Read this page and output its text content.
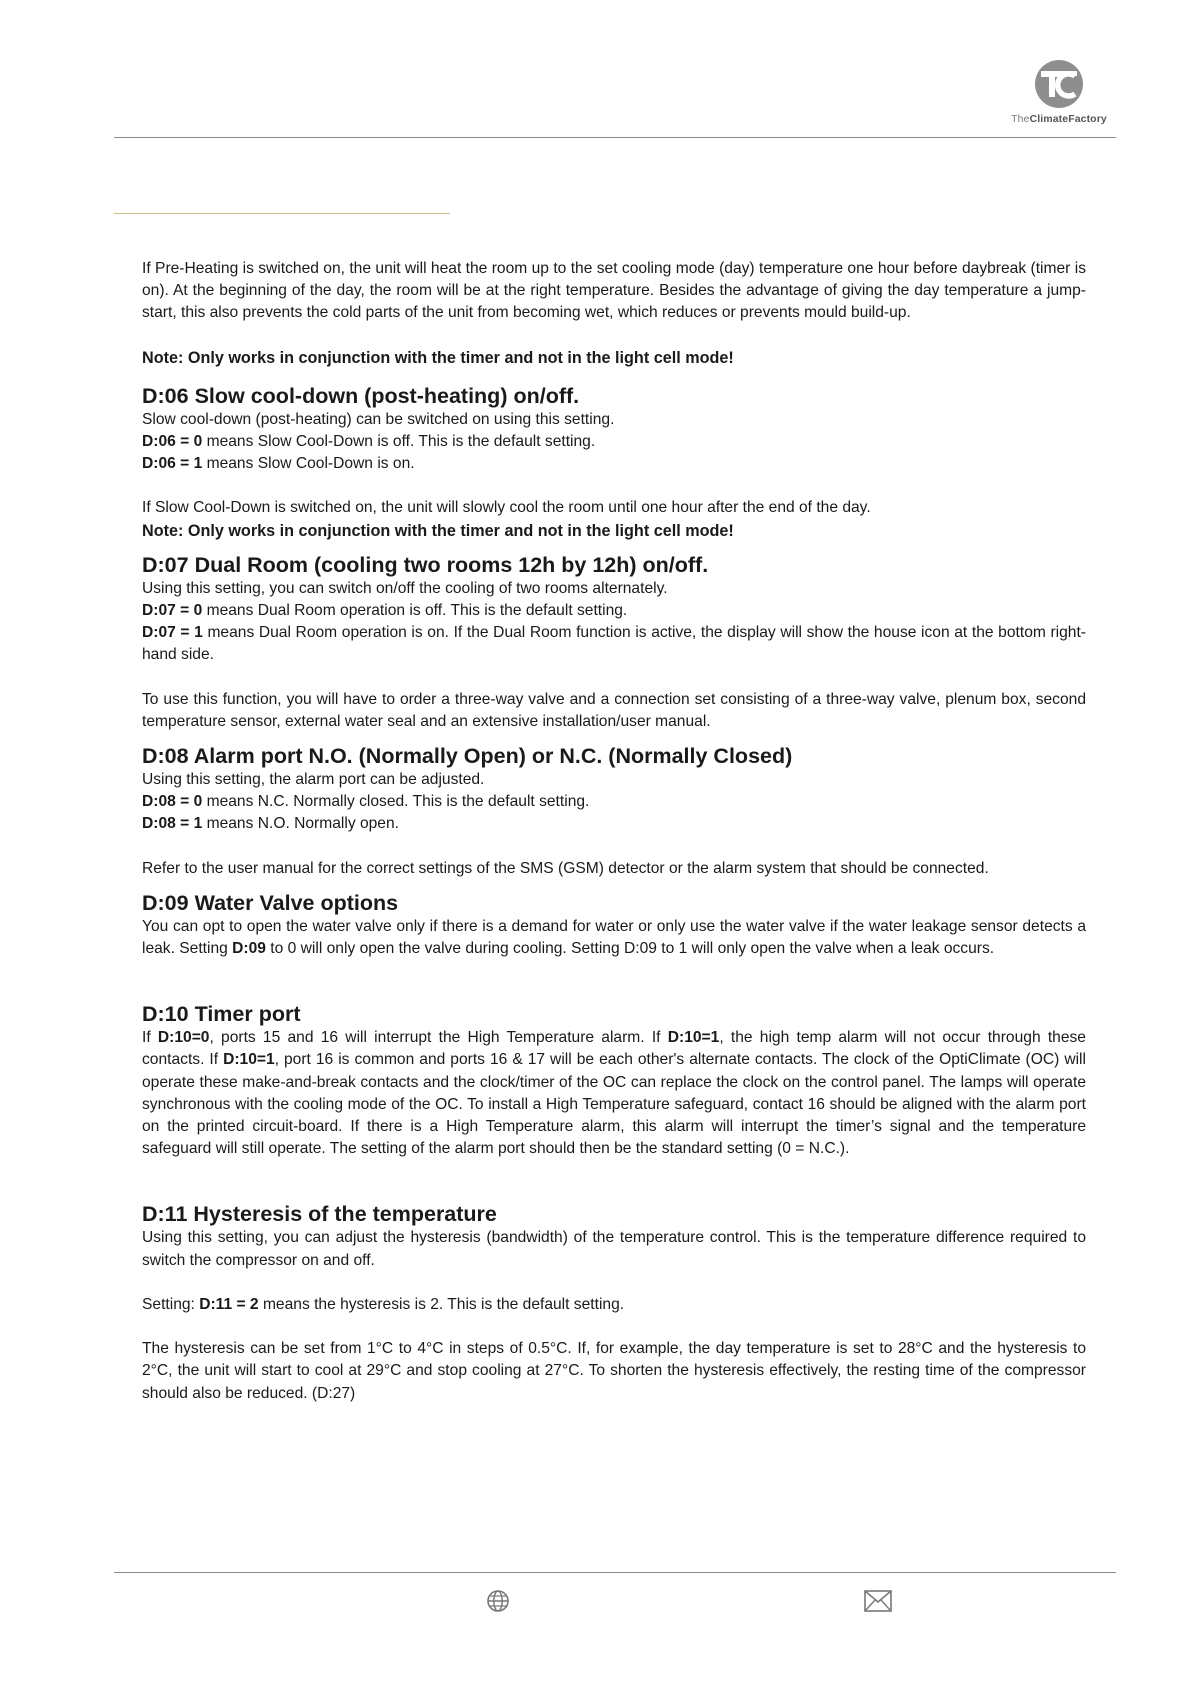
TheClimateFactory

If Pre-Heating is switched on, the unit will heat the room up to the set cooling mode (day) temperature one hour before daybreak (timer is on). At the beginning of the day, the room will be at the right temperature. Besides the advantage of giving the day temperature a jump-start, this also prevents the cold parts of the unit from becoming wet, which reduces or prevents mould build-up.

Note: Only works in conjunction with the timer and not in the light cell mode!

D:06 Slow cool-down (post-heating) on/off.

Slow cool-down (post-heating) can be switched on using this setting.

D:06 = 0 means Slow Cool-Down is off. This is the default setting.

D:06 = 1 means Slow Cool-Down is on.

If Slow Cool-Down is switched on, the unit will slowly cool the room until one hour after the end of the day.

Note: Only works in conjunction with the timer and not in the light cell mode!

D:07 Dual Room (cooling two rooms 12h by 12h) on/off.

Using this setting, you can switch on/off the cooling of two rooms alternately.

D:07 = 0 means Dual Room operation is off. This is the default setting.

D:07 = 1 means Dual Room operation is on. If the Dual Room function is active, the display will show the house icon at the bottom right-hand side.

To use this function, you will have to order a three-way valve and a connection set consisting of a three-way valve, plenum box, second temperature sensor, external water seal and an extensive installation/user manual.

D:08 Alarm port N.O. (Normally Open) or N.C. (Normally Closed)

Using this setting, the alarm port can be adjusted.

D:08 = 0 means N.C. Normally closed. This is the default setting.

D:08 = 1 means N.O. Normally open.

Refer to the user manual for the correct settings of the SMS (GSM) detector or the alarm system that should be connected.

D:09 Water Valve options

You can opt to open the water valve only if there is a demand for water or only use the water valve if the water leakage sensor detects a leak. Setting D:09 to 0 will only open the valve during cooling. Setting D:09 to 1 will only open the valve when a leak occurs.

D:10 Timer port

If D:10=0, ports 15 and 16 will interrupt the High Temperature alarm. If D:10=1, the high temp alarm will not occur through these contacts. If D:10=1, port 16 is common and ports 16 & 17 will be each other's alternate contacts. The clock of the OptiClimate (OC) will operate these make-and-break contacts and the clock/timer of the OC can replace the clock on the control panel. The lamps will operate synchronous with the cooling mode of the OC. To install a High Temperature safeguard, contact 16 should be aligned with the alarm port on the printed circuit-board. If there is a High Temperature alarm, this alarm will interrupt the timer’s signal and the temperature safeguard will still operate. The setting of the alarm port should then be the standard setting (0 = N.C.).

D:11 Hysteresis of the temperature

Using this setting, you can adjust the hysteresis (bandwidth) of the temperature control. This is the temperature difference required to switch the compressor on and off.

Setting: D:11 = 2 means the hysteresis is 2. This is the default setting.

The hysteresis can be set from 1°C to 4°C in steps of 0.5°C. If, for example, the day temperature is set to 28°C and the hysteresis to 2°C, the unit will start to cool at 29°C and stop cooling at 27°C. To shorten the hysteresis effectively, the resting time of the compressor should also be reduced. (D:27)
